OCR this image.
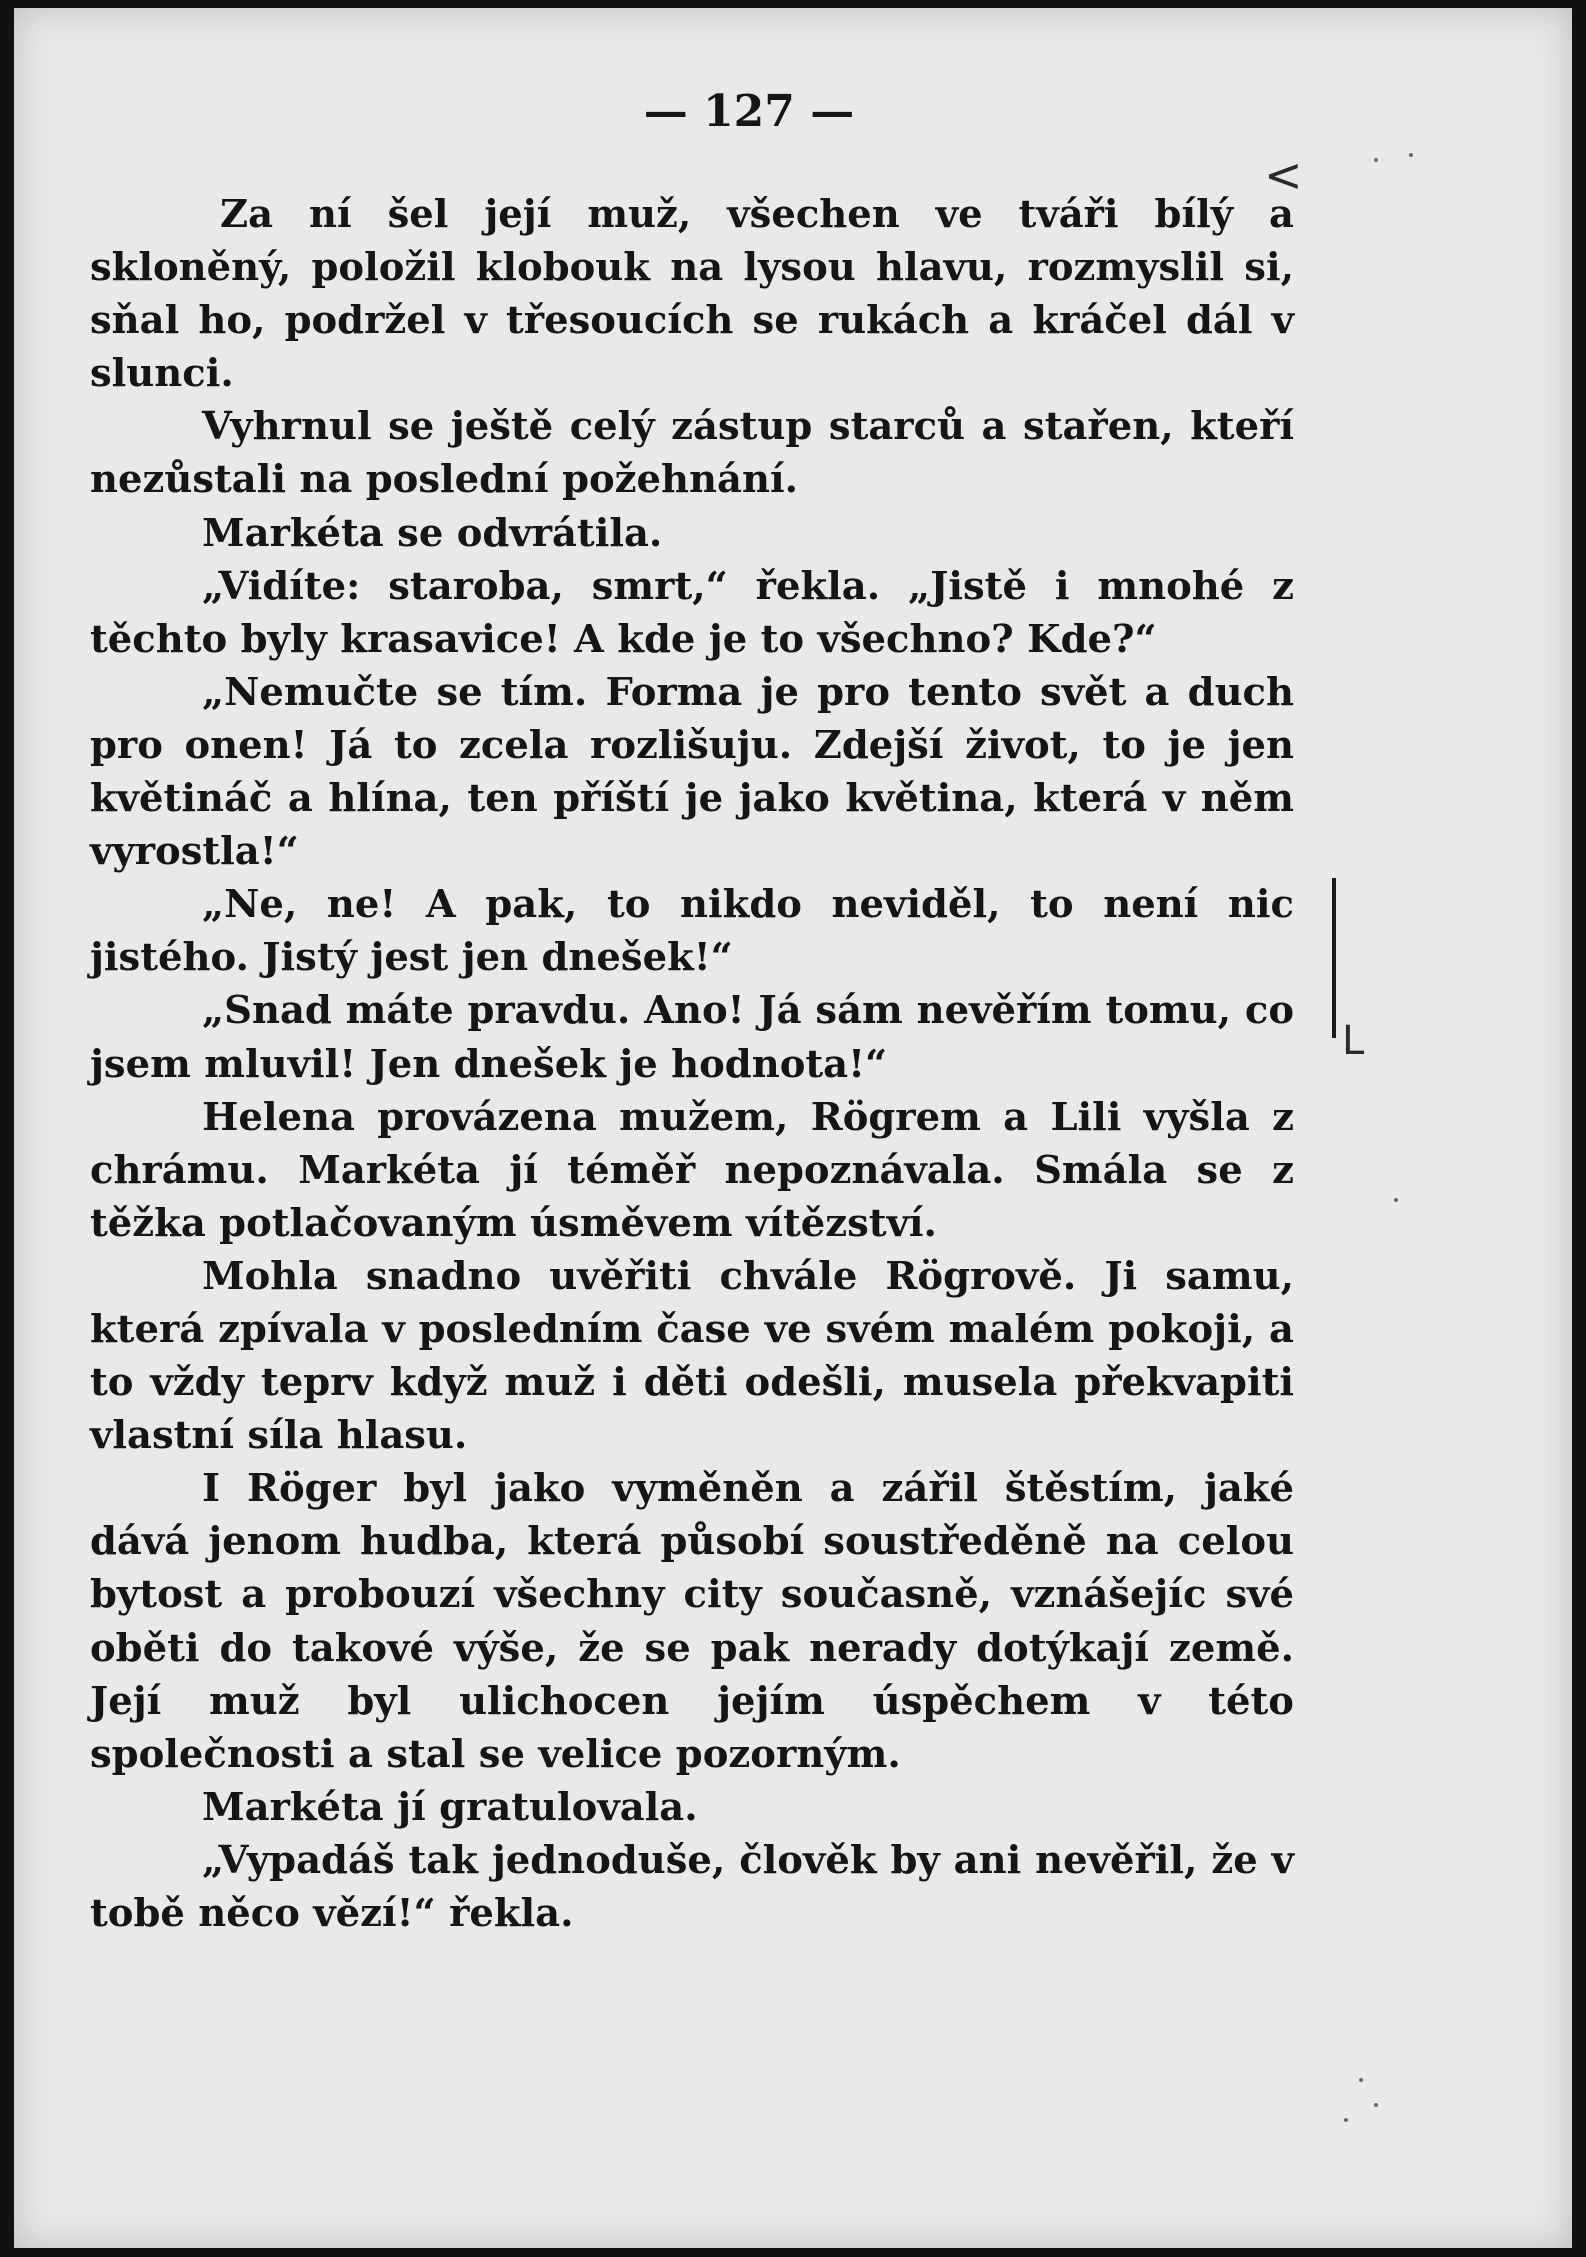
— 127 —
<
L

Za ní šel její muž, všechen ve tváři bílý a skloněný, položil klobouk na lysou hlavu, rozmyslil si, sňal ho, podržel v třesoucích se rukách a kráčel dál v slunci.

Vyhrnul se ještě celý zástup starců a stařen, kteří nezůstali na poslední požehnání.

Markéta se odvrátila.

„Vidíte: staroba, smrt,“ řekla. „Jistě i mnohé z těchto byly krasavice! A kde je to všechno? Kde?“

„Nemučte se tím. Forma je pro tento svět a duch pro onen! Já to zcela rozlišuju. Zdejší život, to je jen květináč a hlína, ten příští je jako květina, která v něm vyrostla!“

„Ne, ne! A pak, to nikdo neviděl, to není nic jistého. Jistý jest jen dnešek!“

„Snad máte pravdu. Ano! Já sám nevěřím tomu, co jsem mluvil! Jen dnešek je hodnota!“

Helena provázena mužem, Rögrem a Lili vyšla z chrámu. Markéta jí téměř nepoznávala. Smála se z těžka potlačovaným úsměvem vítězství.

Mohla snadno uvěřiti chvále Rögrově. Ji samu, která zpívala v posledním čase ve svém malém pokoji, a to vždy teprv když muž i děti odešli, musela překvapiti vlastní síla hlasu.

I Röger byl jako vyměněn a zářil štěstím, jaké dává jenom hudba, která působí soustředěně na celou bytost a probouzí všechny city současně, vznášejíc své oběti do takové výše, že se pak nerady dotýkají země. Její muž byl ulichocen jejím úspěchem v této společnosti a stal se velice pozorným.

Markéta jí gratulovala.

„Vypadáš tak jednoduše, člověk by ani nevěřil, že v tobě něco vězí!“ řekla.
